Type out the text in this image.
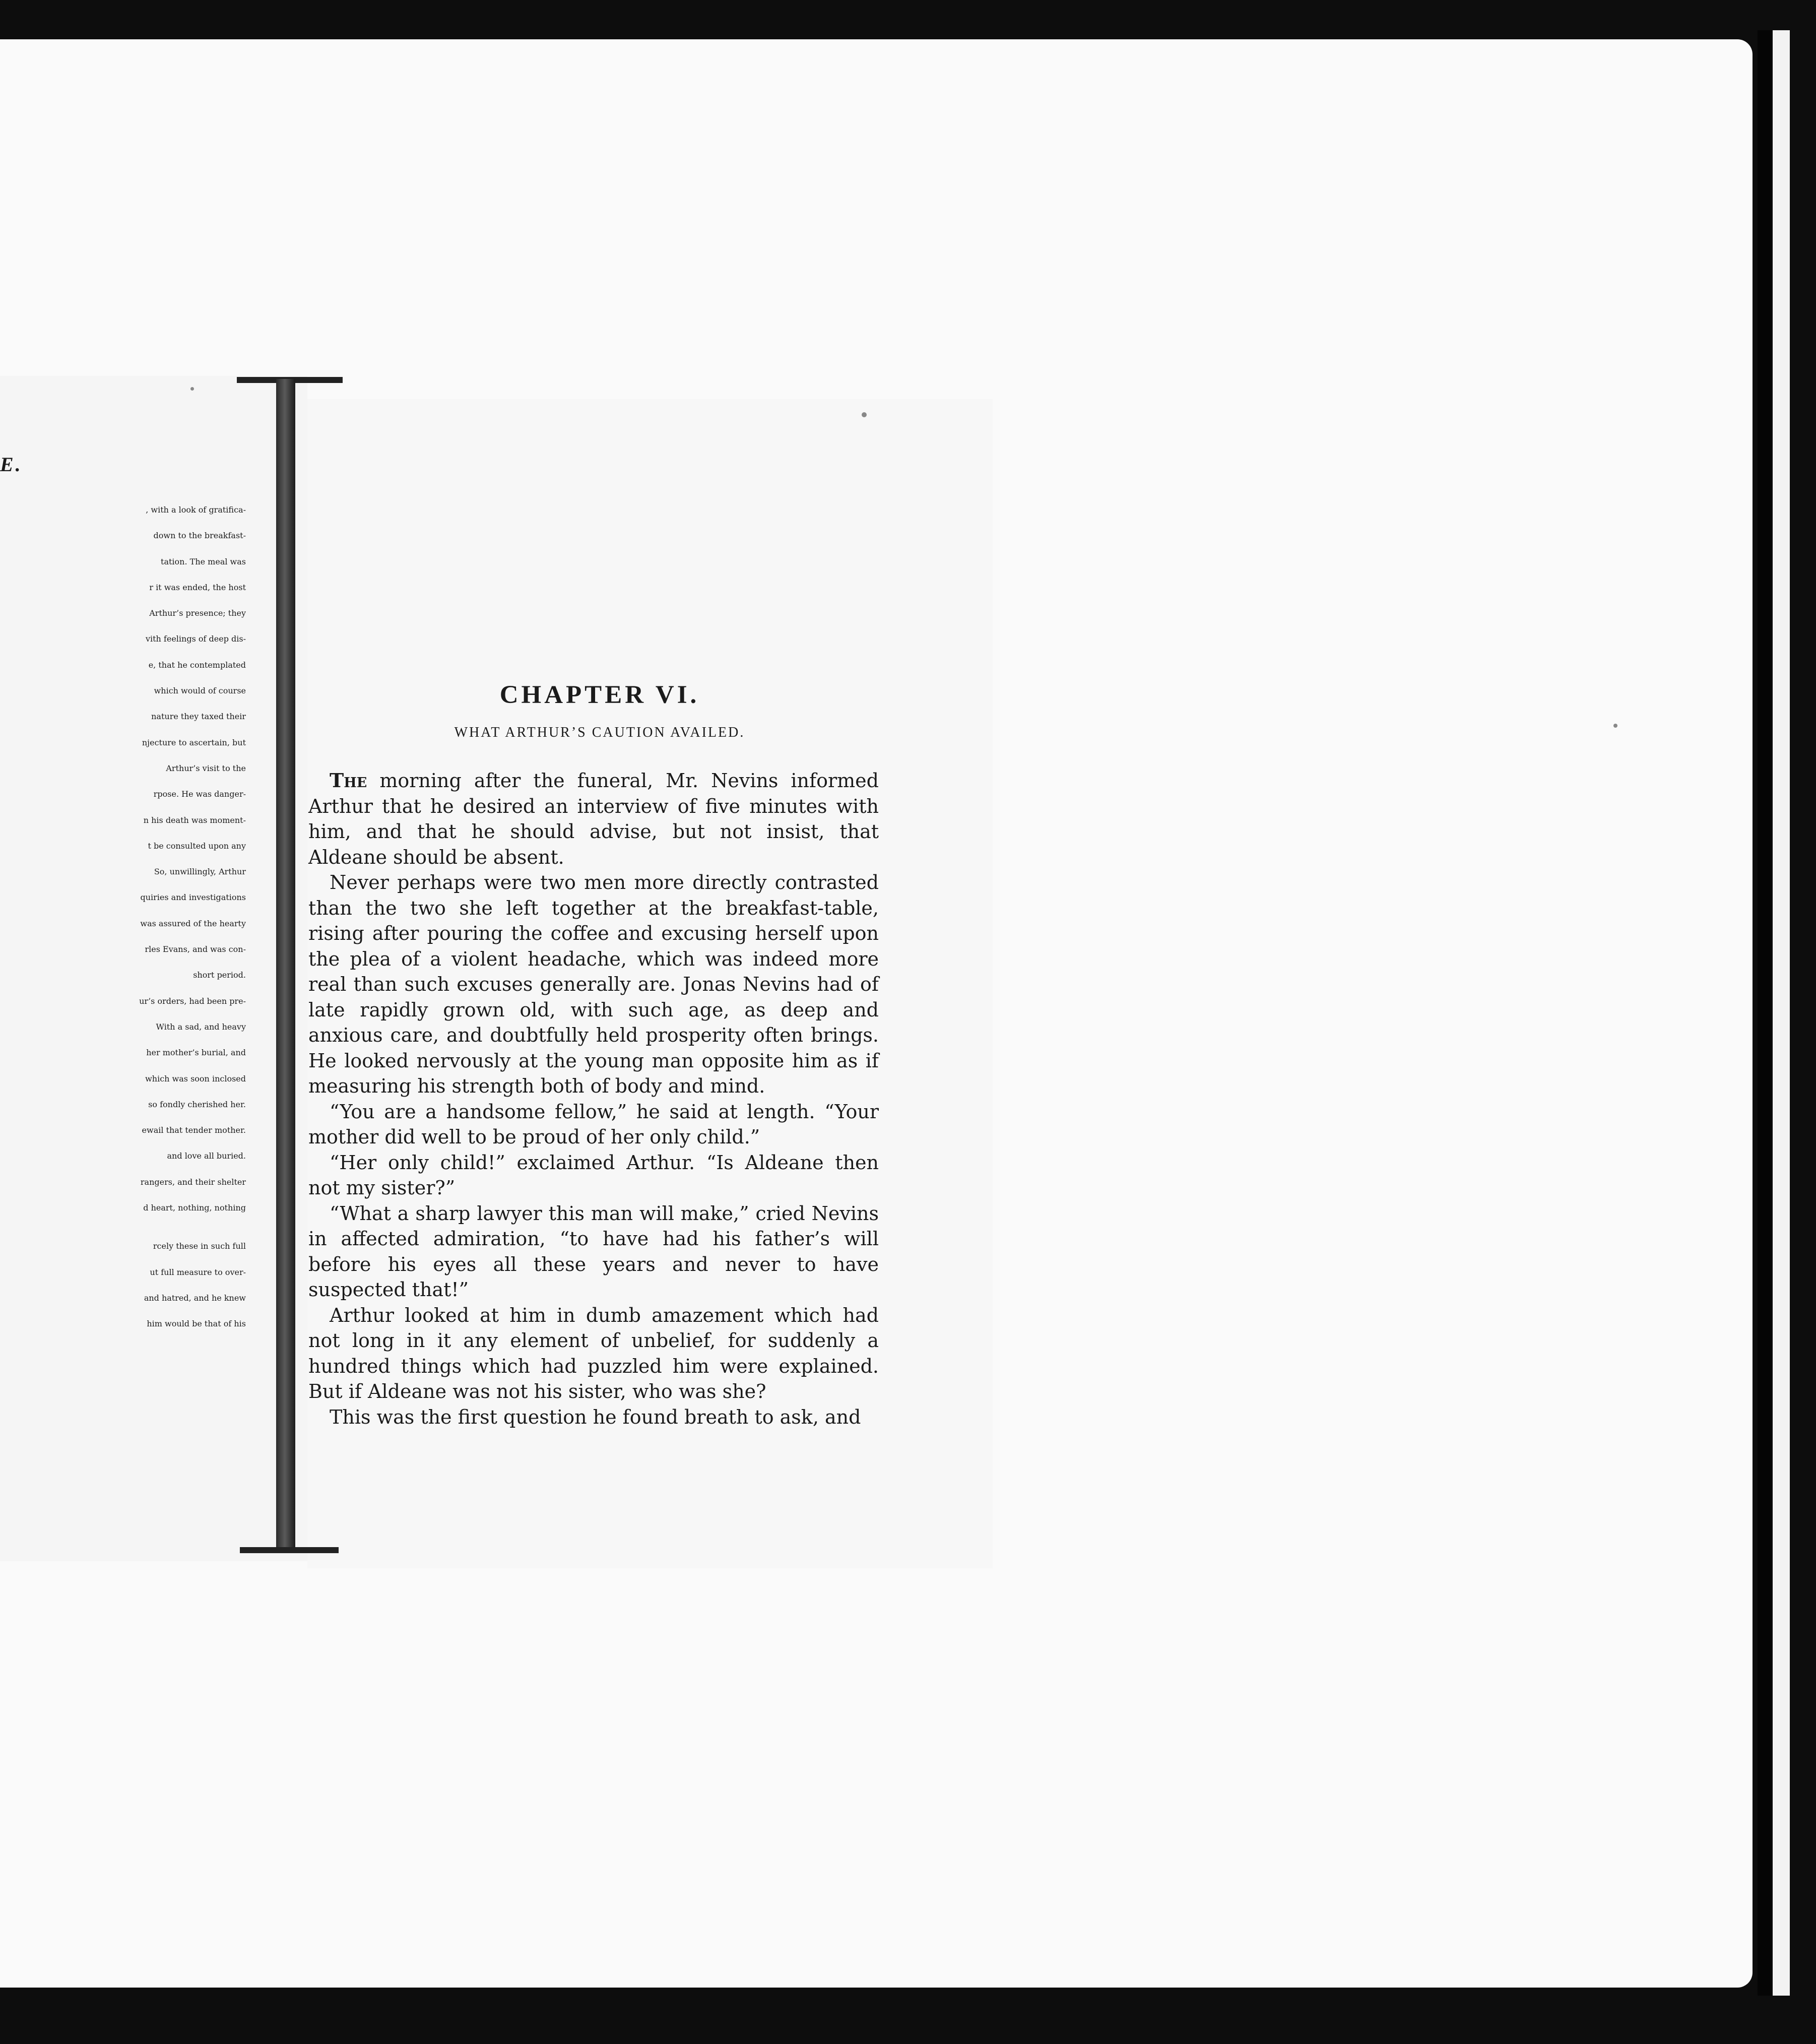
E.
, with a look of gratifica-
down to the breakfast-
tation. The meal was
r it was ended, the host
Arthur’s presence; they
vith feelings of deep dis-
e, that he contemplated
which would of course
nature they taxed their
njecture to ascertain, but
Arthur’s visit to the
rpose. He was danger-
n his death was moment-
t be consulted upon any
So, unwillingly, Arthur
quiries and investigations
was assured of the hearty
rles Evans, and was con-
short period.
ur’s orders, had been pre-
With a sad, and heavy
her mother’s burial, and
which was soon inclosed
so fondly cherished her.
ewail that tender mother.
and love all buried.
rangers, and their shelter
d heart, nothing, nothing
rcely these in such full
ut full measure to over-
and hatred, and he knew
him would be that of his
CHAPTER VI.
WHAT ARTHUR’S CAUTION AVAILED.

The morning after the funeral, Mr. Nevins informed Arthur that he desired an interview of five minutes with him, and that he should advise, but not insist, that Aldeane should be absent.

Never perhaps were two men more directly contrasted than the two she left together at the breakfast-table, rising after pouring the coffee and excusing herself upon the plea of a violent headache, which was indeed more real than such excuses generally are. Jonas Nevins had of late rapidly grown old, with such age, as deep and anxious care, and doubtfully held prosperity often brings. He looked nervously at the young man opposite him as if measuring his strength both of body and mind.

“You are a handsome fellow,” he said at length. “Your mother did well to be proud of her only child.”

“Her only child!” exclaimed Arthur. “Is Aldeane then not my sister?”

“What a sharp lawyer this man will make,” cried Nevins in affected admiration, “to have had his father’s will before his eyes all these years and never to have suspected that!”

Arthur looked at him in dumb amazement which had not long in it any element of unbelief, for suddenly a hundred things which had puzzled him were explained. But if Aldeane was not his sister, who was she?

This was the first question he found breath to ask, and
